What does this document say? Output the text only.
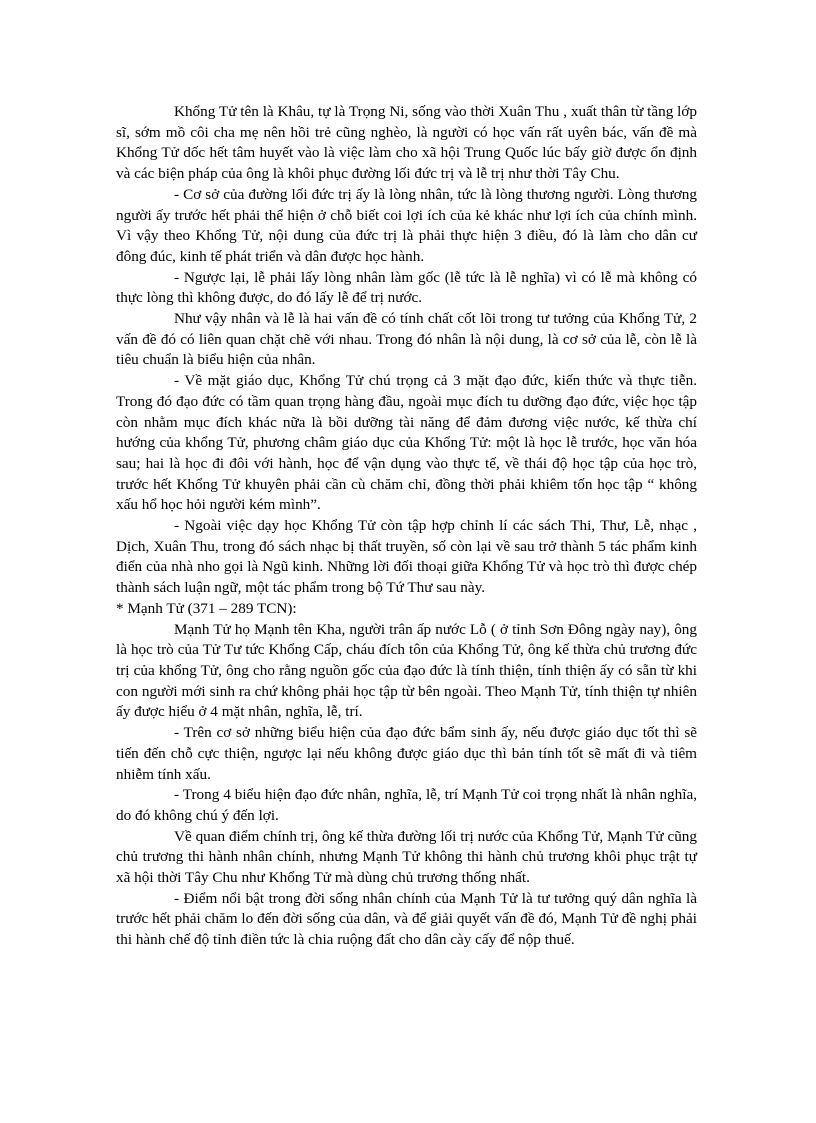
Khổng Tử tên là Khâu, tự là Trọng Ni, sống vào thời Xuân Thu , xuất thân từ tầng lớp sĩ, sớm mồ côi cha mẹ nên hồi trẻ cũng nghèo, là người có học vấn rất uyên bác, vấn đề mà Khổng Tử dốc hết tâm huyết vào là việc làm cho xã hội Trung Quốc lúc bấy giờ được ổn định và các biện pháp của ông là khôi phục đường lối đức trị và lễ trị như thời Tây Chu.

- Cơ sở của đường lối đức trị ấy là lòng nhân, tức là lòng thương người. Lòng thương người ấy trước hết phải thể hiện ở chỗ biết coi lợi ích của kẻ khác như lợi ích của chính mình. Vì vậy theo Khổng Tử, nội dung của đức trị là phải thực hiện 3 điều, đó là làm cho dân cư đông đúc, kinh tế phát triển và dân được học hành.

- Ngược lại, lễ phải lấy lòng nhân làm gốc (lễ tức là lễ nghĩa) vì có lễ mà không có thực lòng thì không được, do đó lấy lễ để trị nước.

Như vậy nhân và lễ là hai vấn đề có tính chất cốt lõi trong tư tưởng của Khổng Tử, 2 vấn đề đó có liên quan chặt chẽ với nhau. Trong đó nhân là nội dung, là cơ sở của lễ, còn lễ là tiêu chuẩn là biểu hiện của nhân.

- Về mặt giáo dục, Khổng Tử chú trọng cả 3 mặt đạo đức, kiến thức và thực tiễn. Trong đó đạo đức có tầm quan trọng hàng đầu, ngoài mục đích tu dưỡng đạo đức, việc học tập còn nhằm mục đích khác nữa là bồi dưỡng tài năng để đảm đương việc nước, kế thừa chí hướng của khổng Tử, phương châm giáo dục của Khổng Tử: một là học lễ trước, học văn hóa sau; hai là học đi đôi với hành, học để vận dụng vào thực tế, về thái độ học tập của học trò, trước hết Khổng Tử khuyên phải cần cù chăm chỉ, đồng thời phải khiêm tốn học tập “ không xấu hổ học hỏi người kém mình”.

- Ngoài việc dạy học Khổng Tử còn tập hợp chỉnh lí các sách Thi, Thư, Lễ, nhạc , Dịch, Xuân Thu, trong đó sách nhạc bị thất truyền, số còn lại về sau trở thành 5 tác phẩm kinh điển của nhà nho gọi là Ngũ kinh. Những lời đối thoại giữa Khổng Tử và học trò thì được chép thành sách luận ngữ, một tác phẩm trong bộ Tứ Thư sau này.

* Mạnh Tử (371 – 289 TCN):

Mạnh Tử họ Mạnh tên Kha, người trân ấp nước Lỗ ( ở tỉnh Sơn Đông ngày nay), ông là học trò của Tử Tư tức Khổng Cấp, cháu đích tôn của Khổng Tử, ông kế thừa chủ trương đức trị của khổng Tử, ông cho rằng nguồn gốc của đạo đức là tính thiện, tính thiện ấy có sẵn từ khi con người mới sinh ra chứ không phải học tập từ bên ngoài. Theo Mạnh Tử, tính thiện tự nhiên ấy được hiểu ở 4 mặt nhân, nghĩa, lễ, trí.

- Trên cơ sở những biểu hiện của đạo đức bẩm sinh ấy, nếu được giáo dục tốt thì sẽ tiến đến chỗ cực thiện, ngược lại nếu không được giáo dục thì bản tính tốt sẽ mất đi và tiêm nhiễm tính xấu.

- Trong 4 biểu hiện đạo đức nhân, nghĩa, lễ, trí Mạnh Tử coi trọng nhất là nhân nghĩa, do đó không chú ý đến lợi.

Về quan điểm chính trị, ông kế thừa đường lối trị nước của Khổng Tử, Mạnh Tử cũng chủ trương thi hành nhân chính, nhưng Mạnh Tử không thi hành chủ trương khôi phục trật tự xã hội thời Tây Chu như Khổng Tử mà dùng chủ trương thống nhất.

- Điểm nổi bật trong đời sống nhân chính của Mạnh Tử là tư tưởng quý dân nghĩa là trước hết phải chăm lo đến đời sống của dân, và để giải quyết vấn đề đó, Mạnh Tử đề nghị phải thi hành chế độ tỉnh điền tức là chia ruộng đất cho dân cày cấy để nộp thuế.
